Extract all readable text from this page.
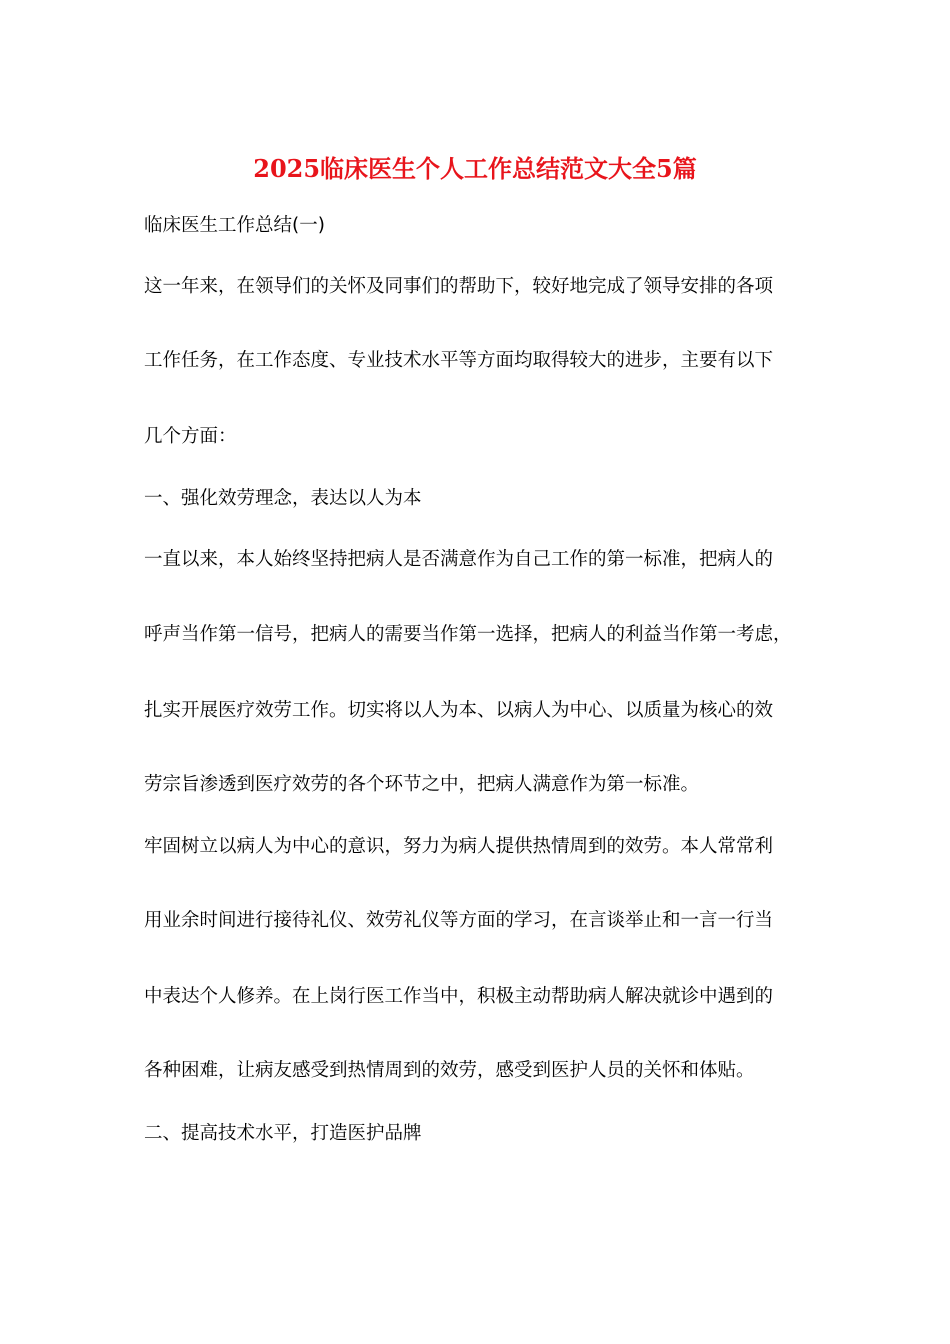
2025临床医生个人工作总结范文大全5篇
临床医生工作总结(一)
这一年来，在领导们的关怀及同事们的帮助下，较好地完成了领导安排的各项
工作任务，在工作态度、专业技术水平等方面均取得较大的进步，主要有以下
几个方面：
一、强化效劳理念，表达以人为本
一直以来，本人始终坚持把病人是否满意作为自己工作的第一标准，把病人的
呼声当作第一信号，把病人的需要当作第一选择，把病人的利益当作第一考虑，
扎实开展医疗效劳工作。切实将以人为本、以病人为中心、以质量为核心的效
劳宗旨渗透到医疗效劳的各个环节之中，把病人满意作为第一标准。
牢固树立以病人为中心的意识，努力为病人提供热情周到的效劳。本人常常利
用业余时间进行接待礼仪、效劳礼仪等方面的学习，在言谈举止和一言一行当
中表达个人修养。在上岗行医工作当中，积极主动帮助病人解决就诊中遇到的
各种困难，让病友感受到热情周到的效劳，感受到医护人员的关怀和体贴。
二、提高技术水平，打造医护品牌
